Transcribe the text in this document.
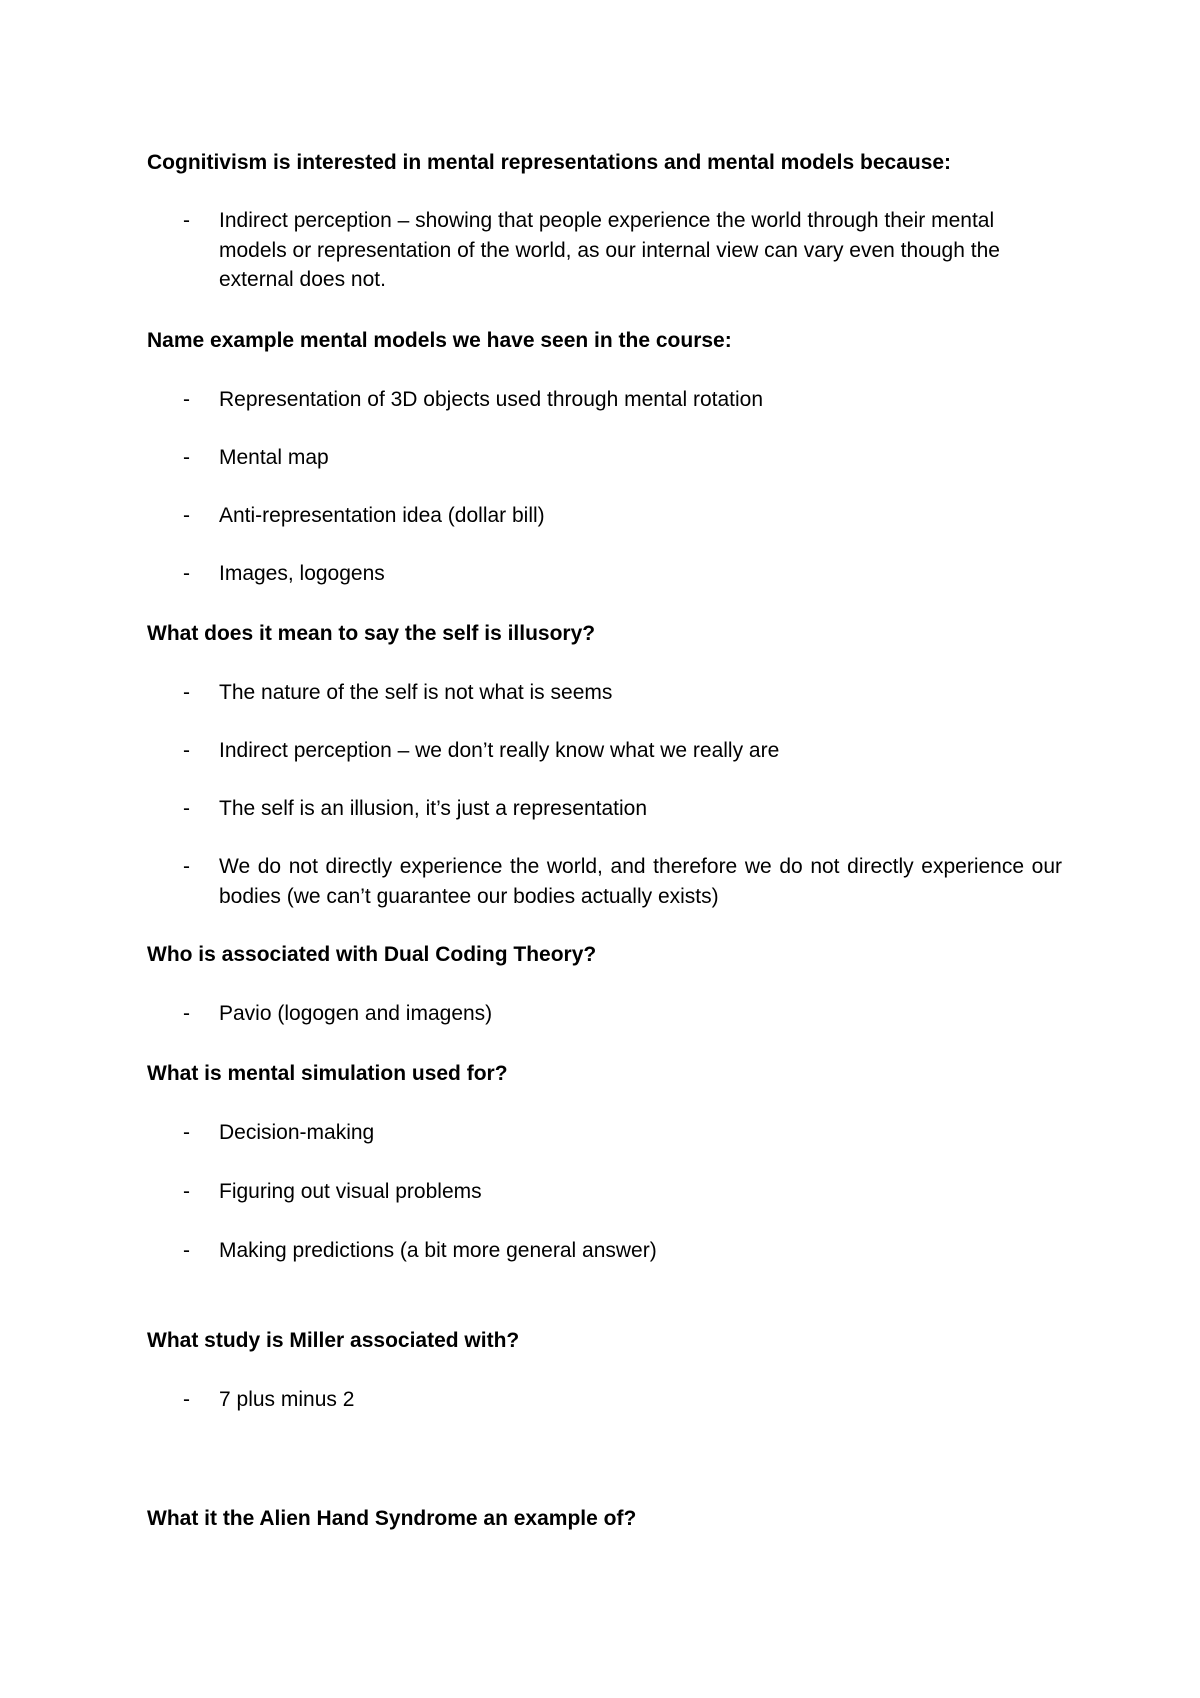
Cognitivism is interested in mental representations and mental models because:
- Indirect perception – showing that people experience the world through their mental models or representation of the world, as our internal view can vary even though the external does not.
Name example mental models we have seen in the course:
- Representation of 3D objects used through mental rotation
- Mental map
- Anti-representation idea (dollar bill)
- Images, logogens
What does it mean to say the self is illusory?
- The nature of the self is not what is seems
- Indirect perception – we don’t really know what we really are
- The self is an illusion, it’s just a representation
- We do not directly experience the world, and therefore we do not directly experience our bodies (we can’t guarantee our bodies actually exists)
Who is associated with Dual Coding Theory?
- Pavio (logogen and imagens)
What is mental simulation used for?
- Decision-making
- Figuring out visual problems
- Making predictions (a bit more general answer)
What study is Miller associated with?
- 7 plus minus 2
What it the Alien Hand Syndrome an example of?
